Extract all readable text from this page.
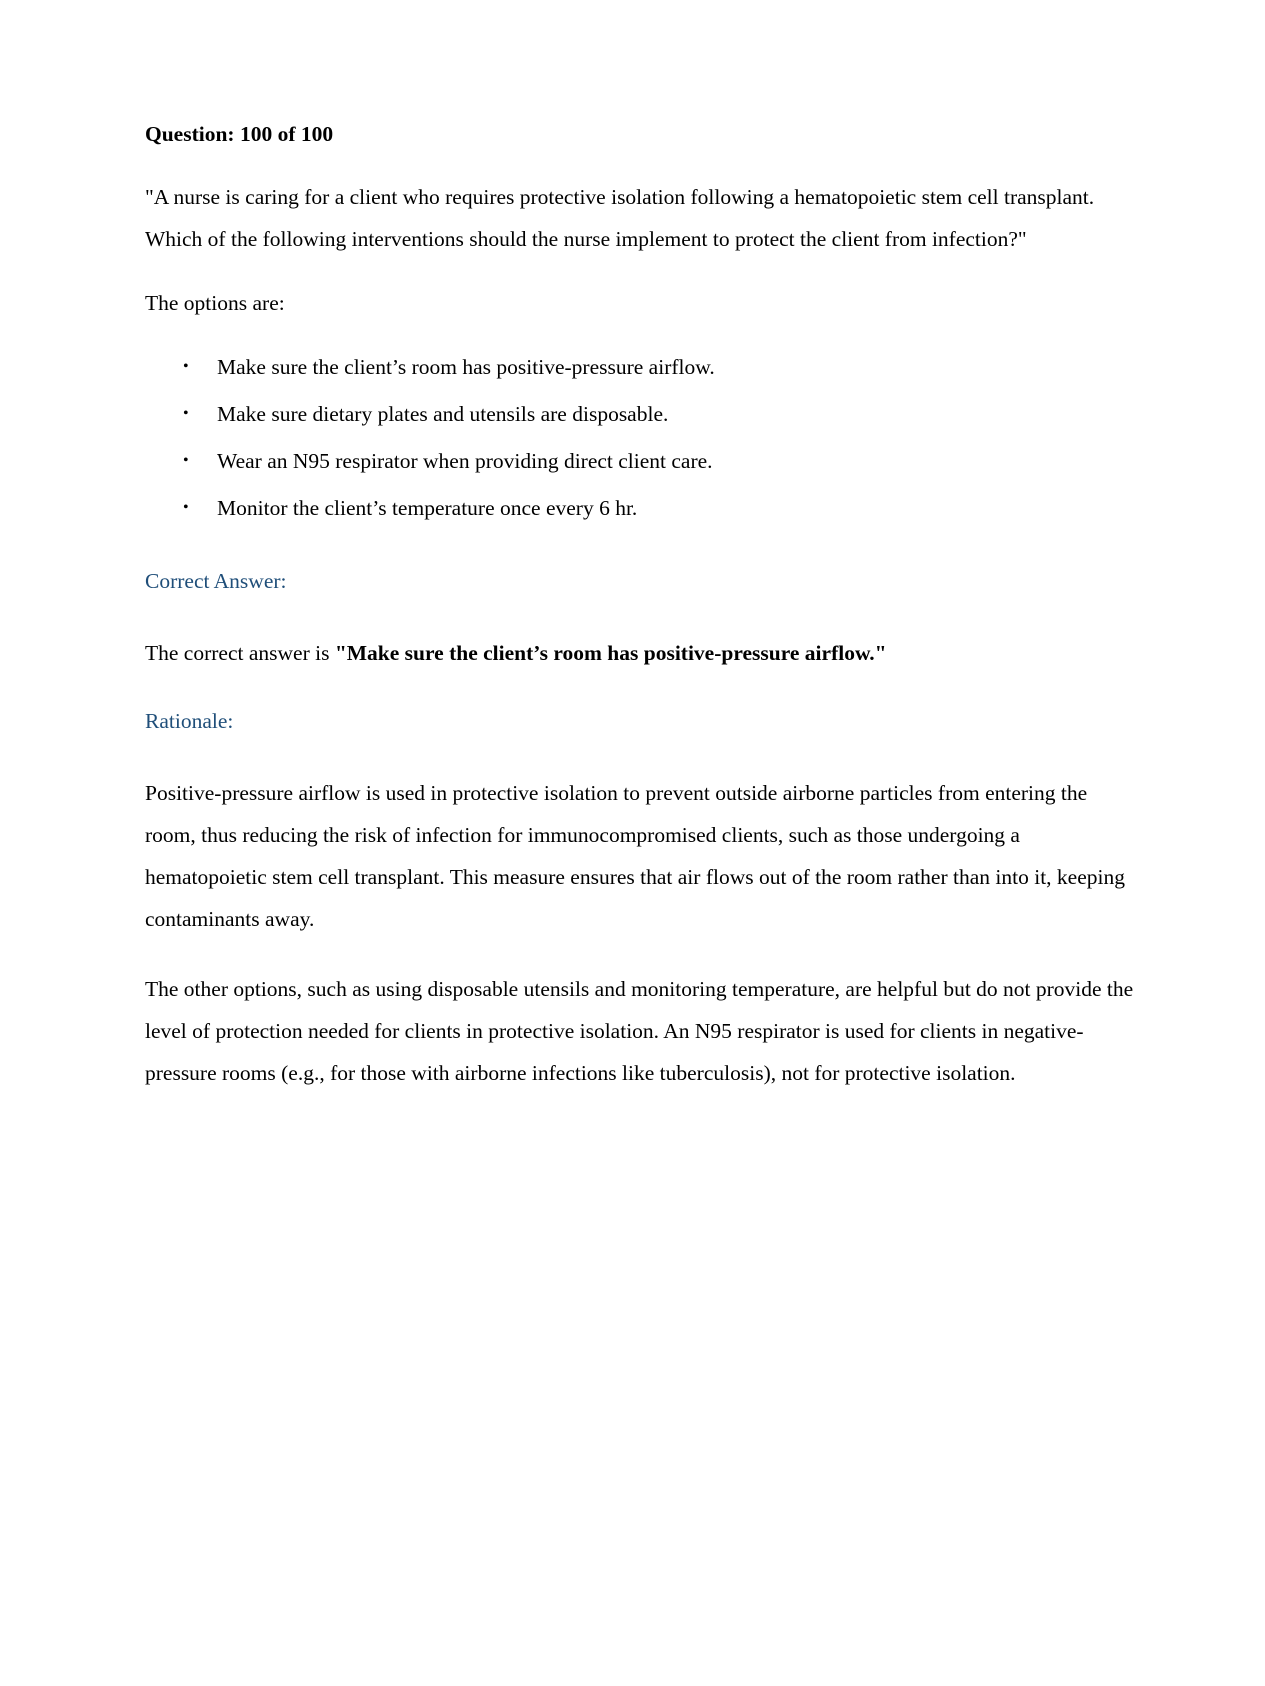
Question: 100 of 100

"A nurse is caring for a client who requires protective isolation following a hematopoietic stem cell transplant. Which of the following interventions should the nurse implement to protect the client from infection?"

The options are:

• Make sure the client’s room has positive-pressure airflow.
• Make sure dietary plates and utensils are disposable.
• Wear an N95 respirator when providing direct client care.
• Monitor the client’s temperature once every 6 hr.

Correct Answer:

The correct answer is "Make sure the client’s room has positive-pressure airflow."

Rationale:

Positive-pressure airflow is used in protective isolation to prevent outside airborne particles from entering the room, thus reducing the risk of infection for immunocompromised clients, such as those undergoing a hematopoietic stem cell transplant. This measure ensures that air flows out of the room rather than into it, keeping contaminants away.

The other options, such as using disposable utensils and monitoring temperature, are helpful but do not provide the level of protection needed for clients in protective isolation. An N95 respirator is used for clients in negative-pressure rooms (e.g., for those with airborne infections like tuberculosis), not for protective isolation.
